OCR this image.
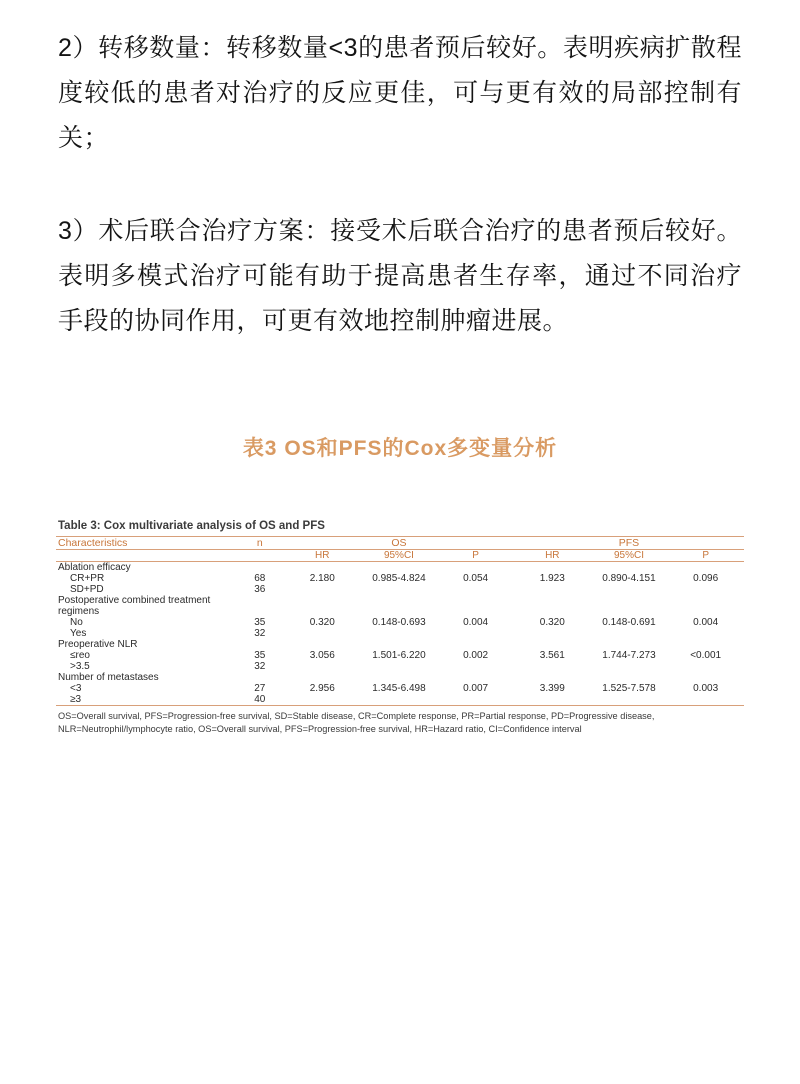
2）转移数量：转移数量<3的患者预后较好。表明疾病扩散程度较低的患者对治疗的反应更佳，可与更有效的局部控制有关；

3）术后联合治疗方案：接受术后联合治疗的患者预后较好。表明多模式治疗可能有助于提高患者生存率，通过不同治疗手段的协同作用，可更有效地控制肿瘤进展。

表3 OS和PFS的Cox多变量分析
Table 3: Cox multivariate analysis of OS and PFS

Characteristics	n	OS			PFS		

		HR	95%CI	P	HR	95%CI	P

Ablation efficacy							
CR+PR	68	2.180	0.985-4.824	0.054	1.923	0.890-4.151	0.096
SD+PD	36						
Postoperative combined treatment regimens							
No	35	0.320	0.148-0.693	0.004	0.320	0.148-0.691	0.004
Yes	32						
Preoperative NLR							
≤reo	35	3.056	1.501-6.220	0.002	3.561	1.744-7.273	<0.001
>3.5	32						
Number of metastases							
<3	27	2.956	1.345-6.498	0.007	3.399	1.525-7.578	0.003
≥3	40						

OS=Overall survival, PFS=Progression-free survival, SD=Stable disease, CR=Complete response, PR=Partial response, PD=Progressive disease,
NLR=Neutrophil/lymphocyte ratio, OS=Overall survival, PFS=Progression-free survival, HR=Hazard ratio, CI=Confidence interval
